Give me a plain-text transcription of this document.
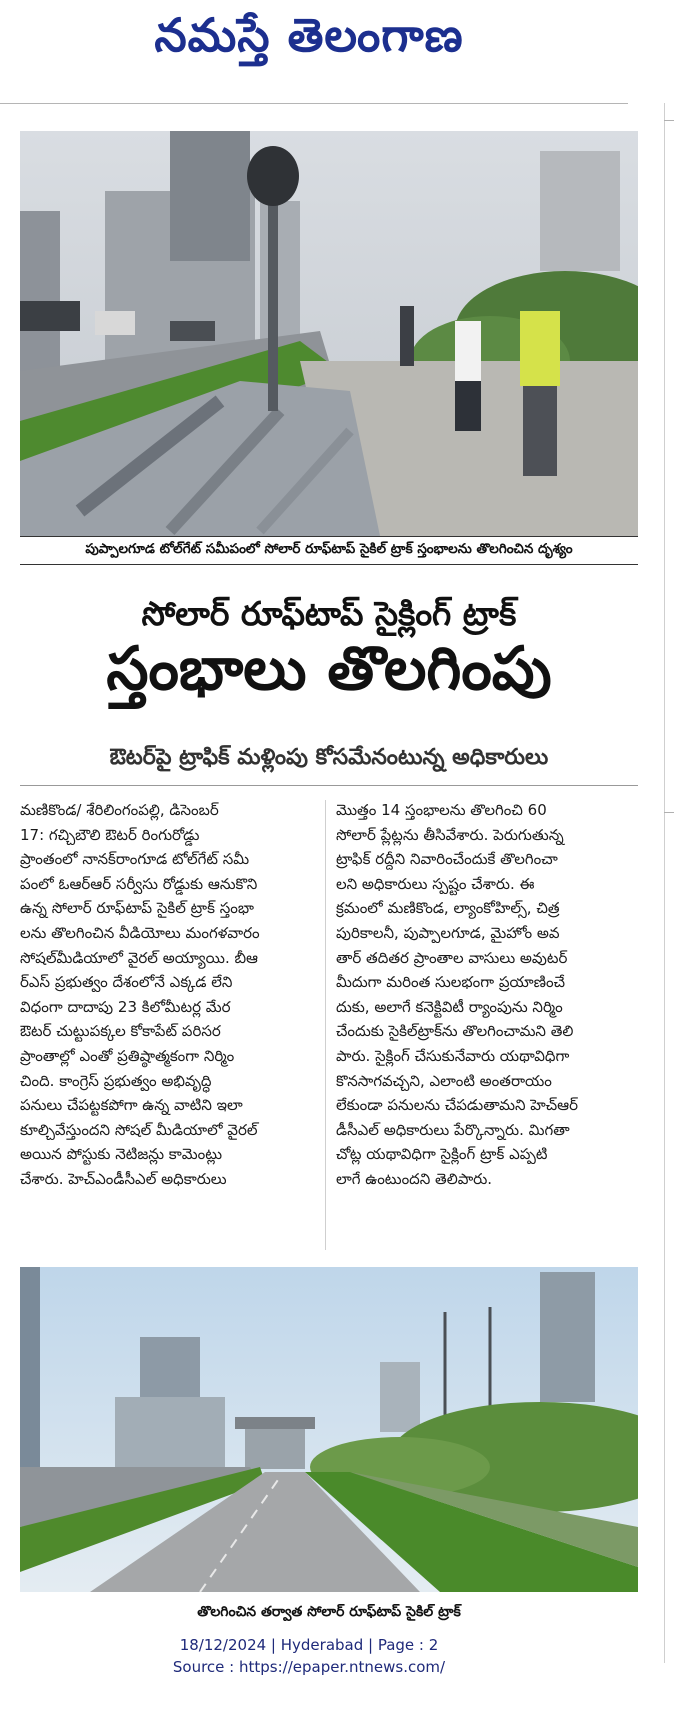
నమస్తే తెలంగాణ
పుప్పాలగూడ టోల్‌గేట్ సమీపంలో సోలార్ రూఫ్‌టాప్ సైకిల్ ట్రాక్ స్తంభాలను తొలగించిన దృశ్యం
సోలార్ రూఫ్‌టాప్ సైక్లింగ్ ట్రాక్
స్తంభాలు తొలగింపు
ఔటర్‌పై ట్రాఫిక్ మళ్లింపు కోసమేనంటున్న అధికారులు
మణికొండ/ శేరిలింగంపల్లి, డిసెంబర్
17: గచ్చిబౌలి ఔటర్ రింగురోడ్డు
ప్రాంతంలో నానక్‌రాంగూడ టోల్‌గేట్ సమీ
పంలో ఓఆర్‌ఆర్ సర్వీసు రోడ్డుకు ఆనుకొని
ఉన్న సోలార్ రూఫ్‌టాప్ సైకిల్ ట్రాక్ స్తంభా
లను తొలగించిన వీడియోలు మంగళవారం
సోషల్‌మీడియాలో వైరల్ అయ్యాయి. బీఆ
ర్‌ఎస్ ప్రభుత్వం దేశంలోనే ఎక్కడ లేని
విధంగా దాదాపు 23 కిలోమీటర్ల మేర
ఔటర్ చుట్టుపక్కల కోకాపేట్ పరిసర
ప్రాంతాల్లో ఎంతో ప్రతిష్ఠాత్మకంగా నిర్మిం
చింది. కాంగ్రెస్ ప్రభుత్వం అభివృద్ధి
పనులు చేపట్టకపోగా ఉన్న వాటిని ఇలా
కూల్చివేస్తుందని సోషల్ మీడియాలో వైరల్
అయిన పోస్టుకు నెటిజన్లు కామెంట్లు
చేశారు. హెచ్‌ఎండీసీఎల్ అధికారులు
మొత్తం 14 స్తంభాలను తొలగించి 60
సోలార్ ప్లేట్లను తీసివేశారు. పెరుగుతున్న
ట్రాఫిక్ రద్దీని నివారించేందుకే తొలగించా
లని అధికారులు స్పష్టం చేశారు. ఈ
క్రమంలో మణికొండ, ల్యాంకోహిల్స్, చిత్ర
పురికాలనీ, పుప్పాలగూడ, మైహోం అవ
తార్ తదితర ప్రాంతాల వాసులు అవుటర్
మీదుగా మరింత సులభంగా ప్రయాణించే
దుకు, అలాగే కనెక్టివిటీ ర్యాంపును నిర్మిం
చేందుకు సైకిల్‌ట్రాక్‌ను తొలగించామని తెలి
పారు. సైక్లింగ్ చేసుకునేవారు యథావిధిగా
కొనసాగవచ్చని, ఎలాంటి అంతరాయం
లేకుండా పనులను చేపడుతామని హెచ్‌ఆర్
డీసీఎల్ అధికారులు పేర్కొన్నారు. మిగతా
చోట్ల యథావిధిగా సైక్లింగ్ ట్రాక్ ఎప్పటి
లాగే ఉంటుందని తెలిపారు.
తొలగించిన తర్వాత సోలార్ రూఫ్‌టాప్ సైకిల్ ట్రాక్
18/12/2024 | Hyderabad | Page : 2
Source : https://epaper.ntnews.com/
